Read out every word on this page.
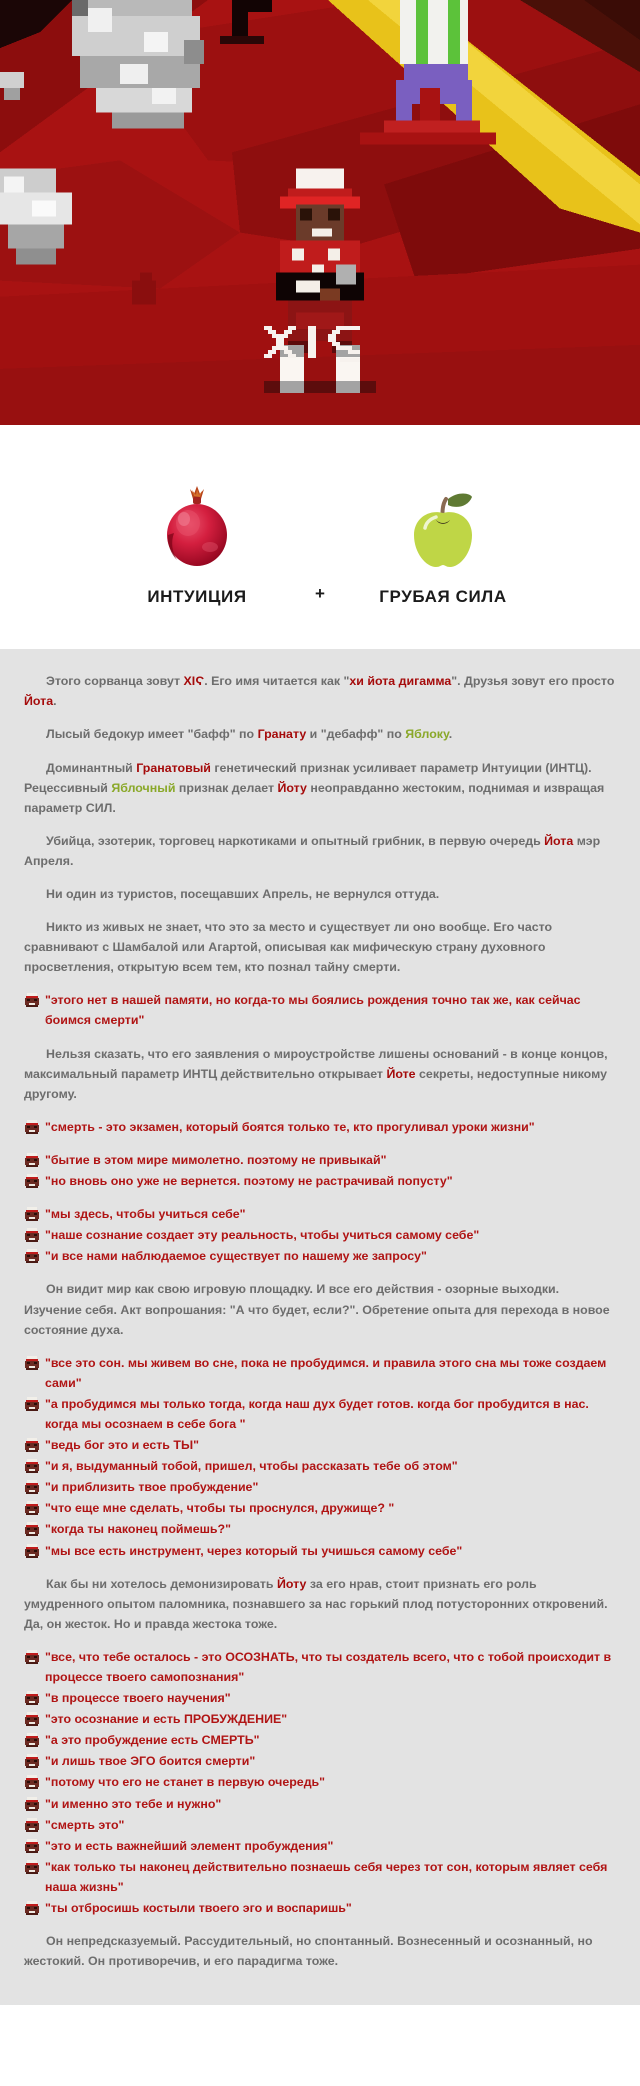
ИНТУИЦИЯ	+	ГРУБАЯ СИЛА

Этого сорванца зовут ΧΙϚ. Его имя читается как "хи йота дигамма". Друзья зовут его просто Йота.

Лысый бедокур имеет "бафф" по Гранату и "дебафф" по Яблоку.

Доминантный Гранатовый генетический признак усиливает параметр Интуиции (ИНТЦ). Рецессивный Яблочный признак делает Йоту неоправданно жестоким, поднимая и извращая параметр СИЛ.

Убийца, эзотерик, торговец наркотиками и опытный грибник, в первую очередь Йота мэр Апреля.

Ни один из туристов, посещавших Апрель, не вернулся оттуда.

Никто из живых не знает, что это за место и существует ли оно вообще. Его часто сравнивают с Шамбалой или Агартой, описывая как мифическую страну духовного просветления, открытую всем тем, кто познал тайну смерти.

"этого нет в нашей памяти, но когда-то мы боялись рождения точно так же, как сейчас боимся смерти"

Нельзя сказать, что его заявления о мироустройстве лишены оснований - в конце концов, максимальный параметр ИНТЦ действительно открывает Йоте секреты, недоступные никому другому.

"смерть - это экзамен, который боятся только те, кто прогуливал уроки жизни"
"бытие в этом мире мимолетно. поэтому не привыкай"
"но вновь оно уже не вернется. поэтому не растрачивай попусту"
"мы здесь, чтобы учиться себе"
"наше сознание создает эту реальность, чтобы учиться самому себе"
"и все нами наблюдаемое существует по нашему же запросу"

Он видит мир как свою игровую площадку. И все его действия - озорные выходки. Изучение себя. Акт вопрошания: "А что будет, если?". Обретение опыта для перехода в новое состояние духа.

"все это сон. мы живем во сне, пока не пробудимся. и правила этого сна мы тоже создаем сами"
"а пробудимся мы только тогда, когда наш дух будет готов. когда бог пробудится в нас. когда мы осознаем в себе бога "
"ведь бог это и есть ТЫ"
"и я, выдуманный тобой, пришел, чтобы рассказать тебе об этом"
"и приблизить твое пробуждение"
"что еще мне сделать, чтобы ты проснулся, дружище? "
"когда ты наконец поймешь?"
"мы все есть инструмент, через который ты учишься самому себе"

Как бы ни хотелось демонизировать Йоту за его нрав, стоит признать его роль умудренного опытом паломника, познавшего за нас горький плод потусторонних откровений. Да, он жесток. Но и правда жестока тоже.

"все, что тебе осталось - это ОСОЗНАТЬ, что ты создатель всего, что с тобой происходит в процессе твоего самопознания"
"в процессе твоего научения"
"это осознание и есть ПРОБУЖДЕНИЕ"
"а это пробуждение есть СМЕРТЬ"
"и лишь твое ЭГО боится смерти"
"потому что его не станет в первую очередь"
"и именно это тебе и нужно"
"смерть это"
"это и есть важнейший элемент пробуждения"
"как только ты наконец действительно познаешь себя через тот сон, которым являет себя наша жизнь"
"ты отбросишь костыли твоего эго и воспаришь"

Он непредсказуемый. Рассудительный, но спонтанный. Вознесенный и осознанный, но жестокий. Он противоречив, и его парадигма тоже.
